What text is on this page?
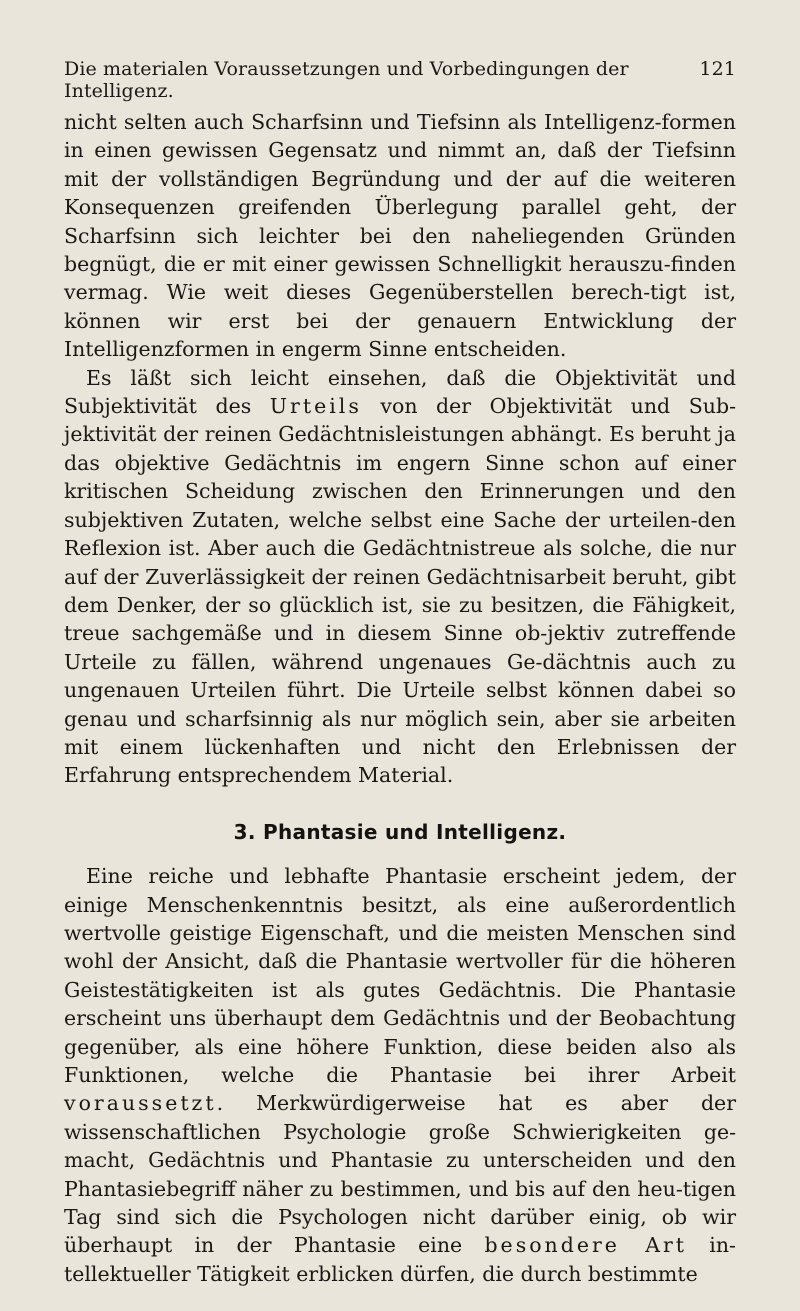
Die materialen Voraussetzungen und Vorbedingungen der Intelligenz.
121

nicht selten auch Scharfsinn und Tiefsinn als Intelligenz-formen in einen gewissen Gegensatz und nimmt an, daß der Tiefsinn mit der vollständigen Begründung und der auf die weiteren Konsequenzen greifenden Überlegung parallel geht, der Scharfsinn sich leichter bei den naheliegenden Gründen begnügt, die er mit einer gewissen Schnelligkit herauszu-finden vermag. Wie weit dieses Gegenüberstellen berech-tigt ist, können wir erst bei der genauern Entwicklung der Intelligenzformen in engerm Sinne entscheiden.

Es läßt sich leicht einsehen, daß die Objektivität und Subjektivität des Urteils von der Objektivität und Sub-jektivität der reinen Gedächtnisleistungen abhängt. Es beruht ja das objektive Gedächtnis im engern Sinne schon auf einer kritischen Scheidung zwischen den Erinnerungen und den subjektiven Zutaten, welche selbst eine Sache der urteilen-den Reflexion ist. Aber auch die Gedächtnistreue als solche, die nur auf der Zuverlässigkeit der reinen Gedächtnisarbeit beruht, gibt dem Denker, der so glücklich ist, sie zu besitzen, die Fähigkeit, treue sachgemäße und in diesem Sinne ob-jektiv zutreffende Urteile zu fällen, während ungenaues Ge-dächtnis auch zu ungenauen Urteilen führt. Die Urteile selbst können dabei so genau und scharfsinnig als nur möglich sein, aber sie arbeiten mit einem lückenhaften und nicht den Erlebnissen der Erfahrung entsprechendem Material.

3. Phantasie und Intelligenz.

Eine reiche und lebhafte Phantasie erscheint jedem, der einige Menschenkenntnis besitzt, als eine außerordentlich wertvolle geistige Eigenschaft, und die meisten Menschen sind wohl der Ansicht, daß die Phantasie wertvoller für die höheren Geistestätigkeiten ist als gutes Gedächtnis. Die Phantasie erscheint uns überhaupt dem Gedächtnis und der Beobachtung gegenüber, als eine höhere Funktion, diese beiden also als Funktionen, welche die Phantasie bei ihrer Arbeit voraussetzt. Merkwürdigerweise hat es aber der wissenschaftlichen Psychologie große Schwierigkeiten ge-macht, Gedächtnis und Phantasie zu unterscheiden und den Phantasiebegriff näher zu bestimmen, und bis auf den heu-tigen Tag sind sich die Psychologen nicht darüber einig, ob wir überhaupt in der Phantasie eine besondere Art in-tellektueller Tätigkeit erblicken dürfen, die durch bestimmte
